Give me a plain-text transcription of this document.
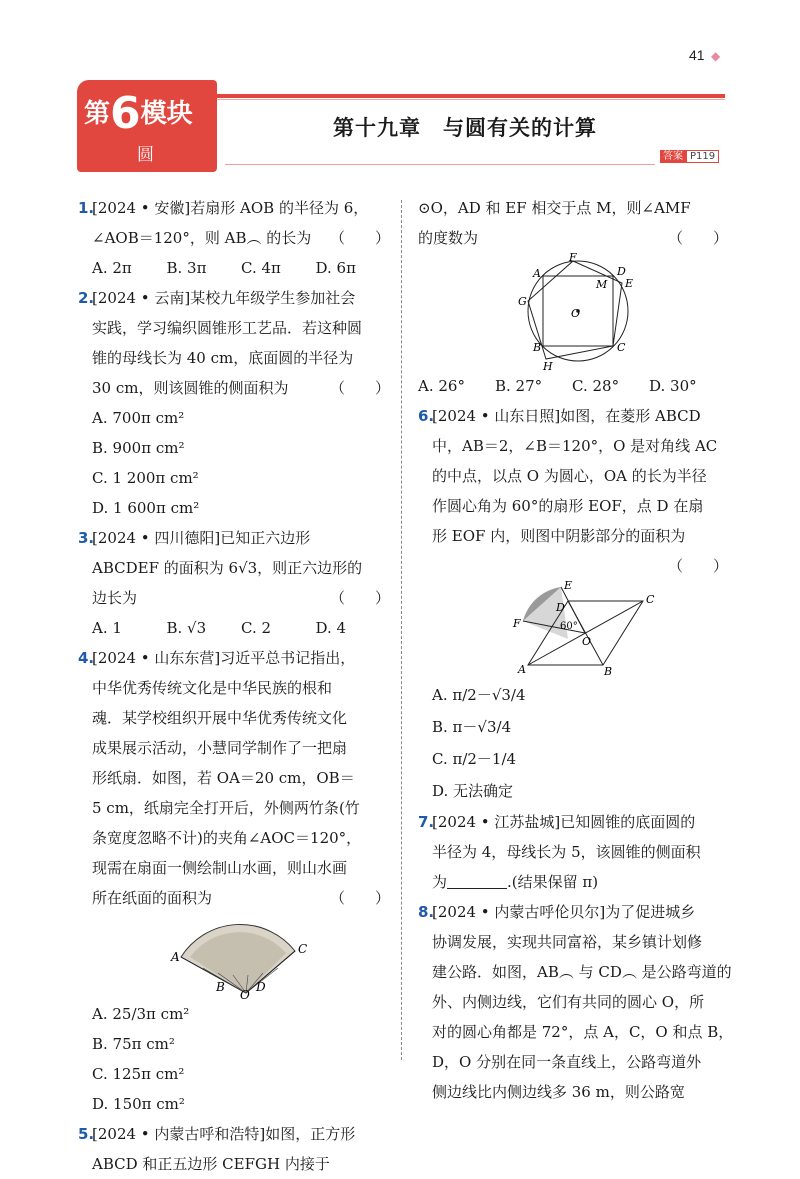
41 ◆
第6模块
圆
第十九章　与圆有关的计算
答案 P119
1.
[2024 • 安徽]若扇形 AOB 的半径为 6，
∠AOB＝120°，则 AB︵ 的长为 （　　）
A. 2π	B. 3π	C. 4π	D. 6π
2.
[2024 • 云南]某校九年级学生参加社会
实践，学习编织圆锥形工艺品．若这种圆
锥的母线长为 40 cm，底面圆的半径为
30 cm，则该圆锥的侧面积为	（　　）
A. 700π cm²
B. 900π cm²
C. 1 200π cm²
D. 1 600π cm²
3.
[2024 • 四川德阳]已知正六边形
ABCDEF 的面积为 6√3，则正六边形的
边长为	（　　）
A. 1	B. √3	C. 2	D. 4
4.
[2024 • 山东东营]习近平总书记指出，
中华优秀传统文化是中华民族的根和
魂．某学校组织开展中华优秀传统文化
成果展示活动，小慧同学制作了一把扇
形纸扇．如图，若 OA＝20 cm，OB＝
5 cm，纸扇完全打开后，外侧两竹条(竹
条宽度忽略不计)的夹角∠AOC＝120°，
现需在扇面一侧绘制山水画，则山水画
所在纸面的面积为	（　　）
A
B
O
D
C
A. 25/3π cm²
B. 75π cm²
C. 125π cm²
D. 150π cm²
5.
[2024 • 内蒙古呼和浩特]如图，正方形
ABCD 和正五边形 CEFGH 内接于
⊙O，AD 和 EF 相交于点 M，则∠AMF
的度数为	（　　）
A
F
D
M E
G
O
B
H
C
A. 26°	B. 27°	C. 28°	D. 30°
6.
[2024 • 山东日照]如图，在菱形 ABCD
中，AB＝2，∠B＝120°，O 是对角线 AC
的中点，以点 O 为圆心，OA 的长为半径
作圆心角为 60°的扇形 EOF，点 D 在扇
形 EOF 内，则图中阴影部分的面积为
（　　）

E
C
D
F	60°
O
A	B
A. π/2－√3/4
B. π－√3/4
C. π/2－1/4
D. 无法确定
7.
[2024 • 江苏盐城]已知圆锥的底面圆的
半径为 4，母线长为 5，该圆锥的侧面积
为	.(结果保留 π)
8.
[2024 • 内蒙古呼伦贝尔]为了促进城乡
协调发展，实现共同富裕，某乡镇计划修
建公路．如图，AB︵ 与 CD︵ 是公路弯道的
外、内侧边线，它们有共同的圆心 O，所
对的圆心角都是 72°，点 A，C，O 和点 B，
D，O 分别在同一条直线上，公路弯道外
侧边线比内侧边线多 36 m，则公路宽
